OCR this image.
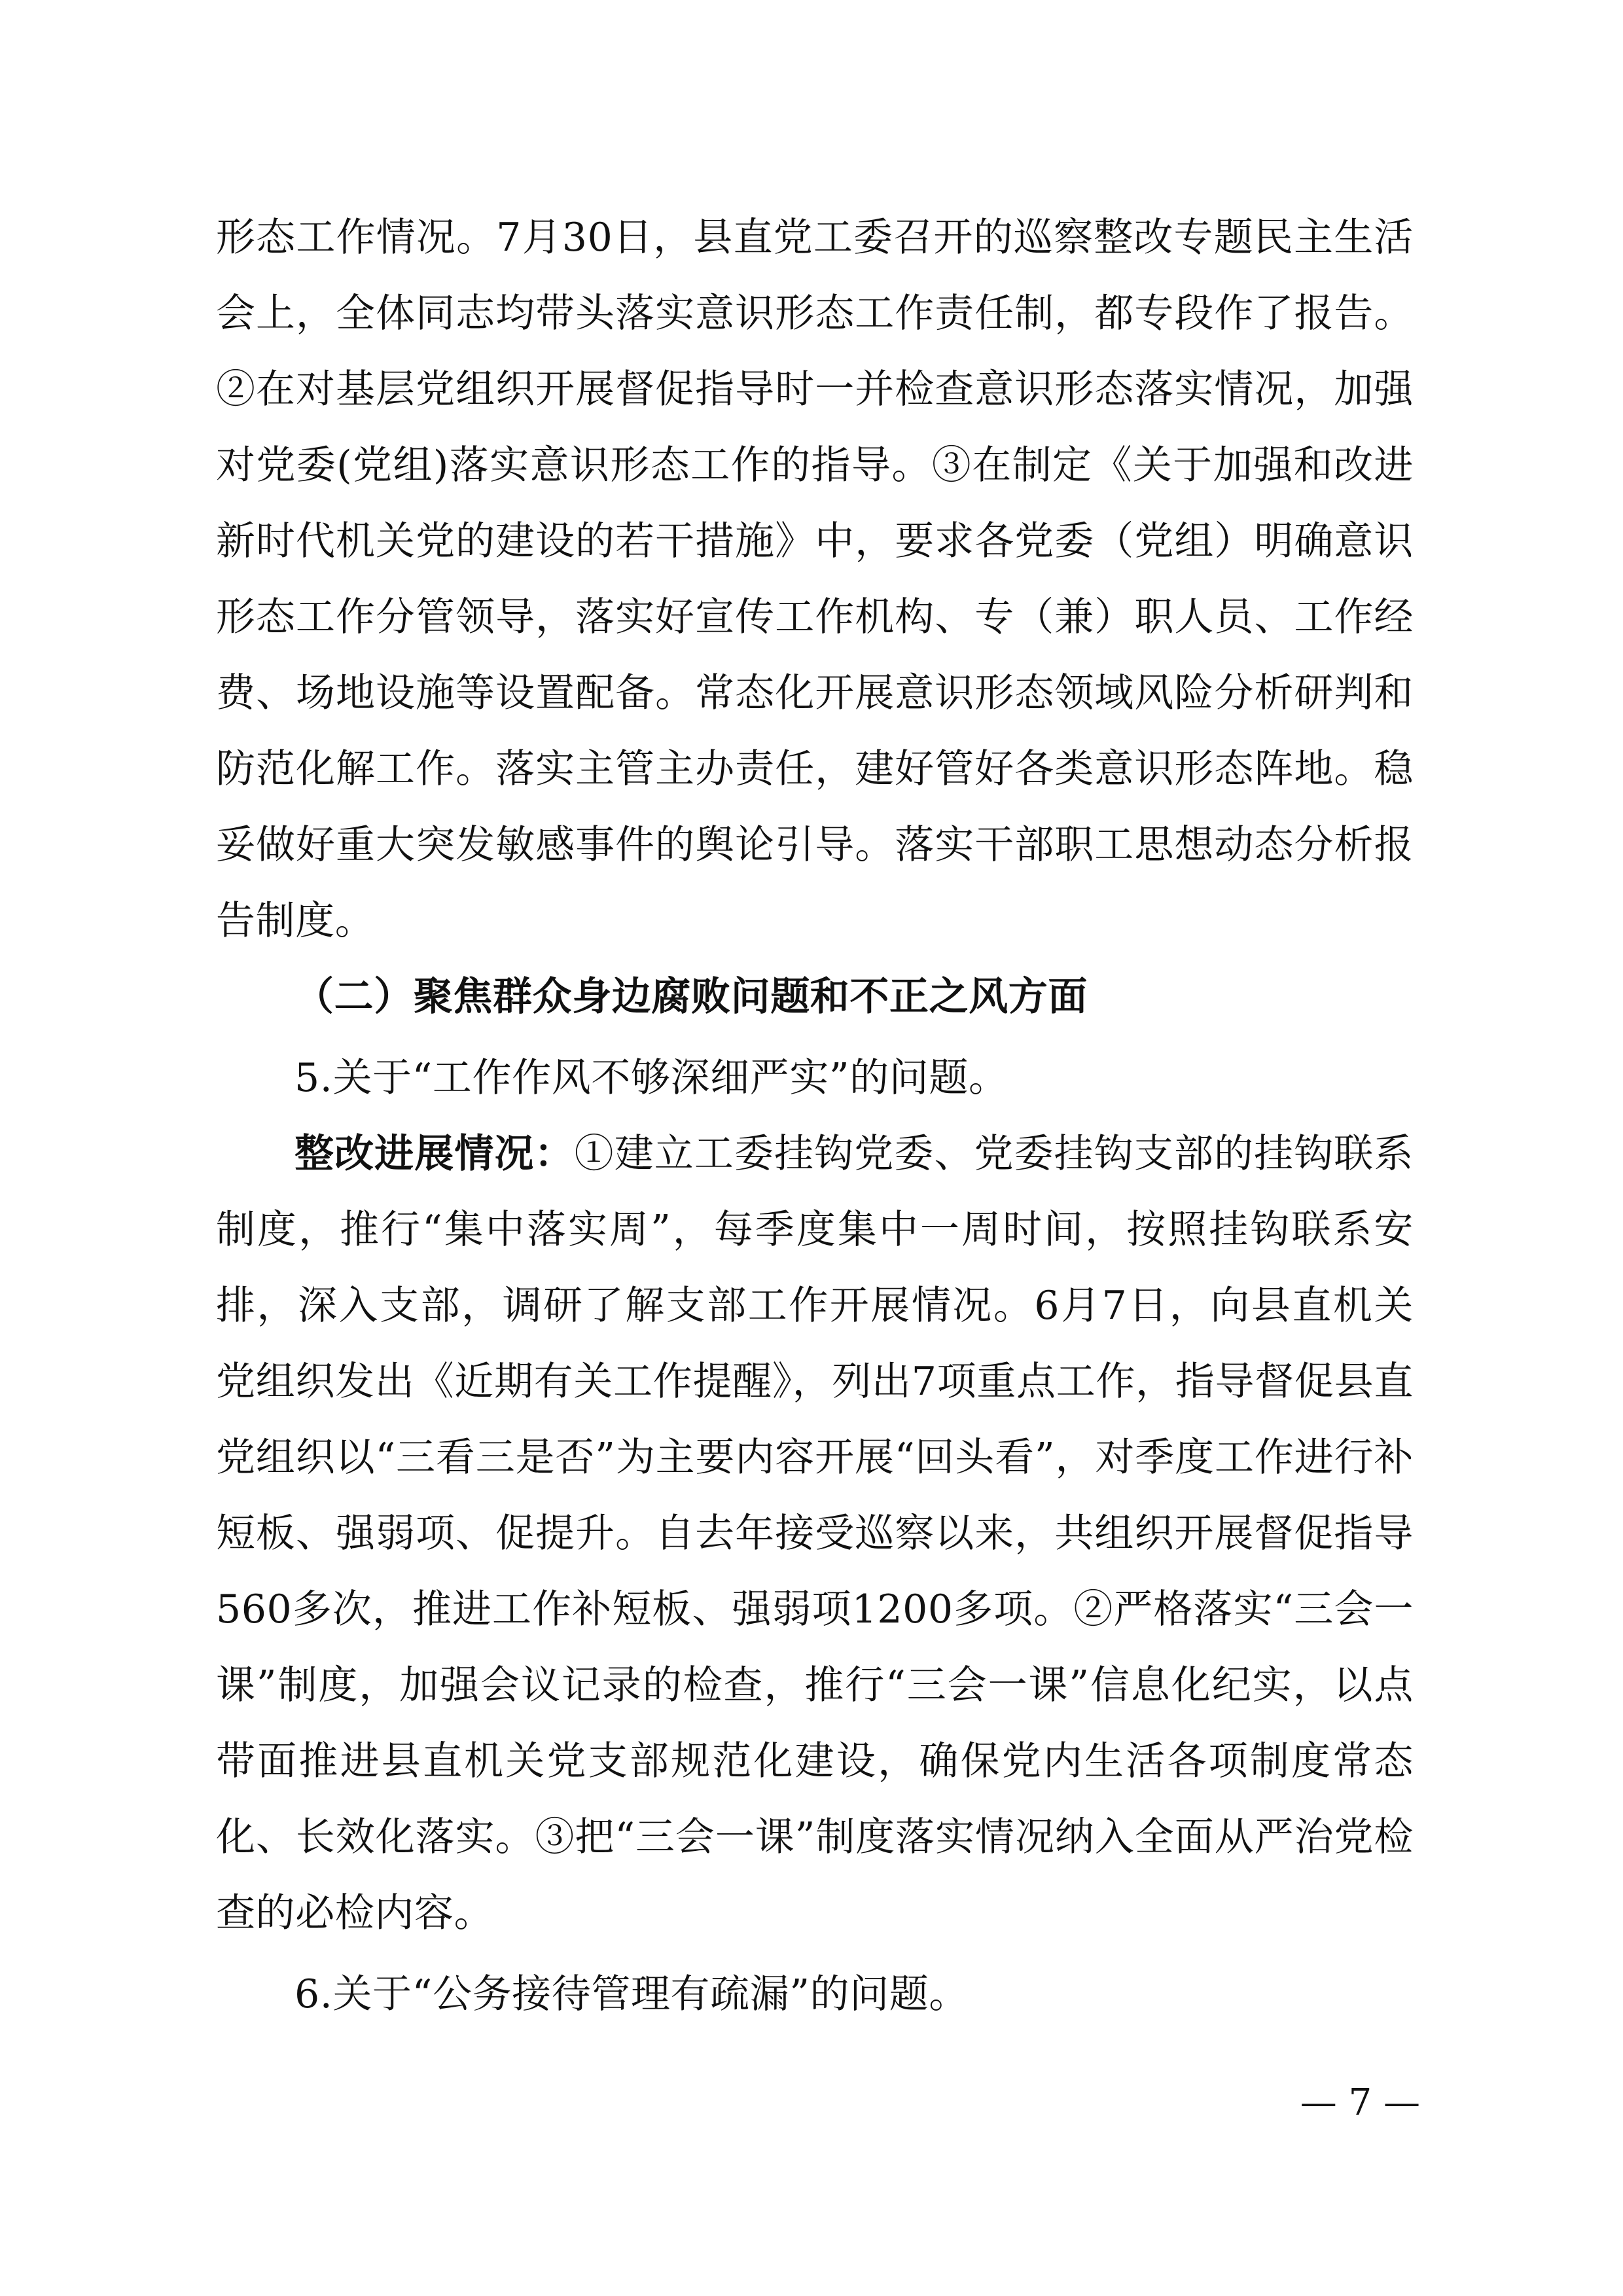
形态工作情况。7月30日，县直党工委召开的巡察整改专题民主生活会上，全体同志均带头落实意识形态工作责任制，都专段作了报告。②在对基层党组织开展督促指导时一并检查意识形态落实情况，加强对党委(党组)落实意识形态工作的指导。③在制定《关于加强和改进新时代机关党的建设的若干措施》中，要求各党委（党组）明确意识形态工作分管领导，落实好宣传工作机构、专（兼）职人员、工作经费、场地设施等设置配备。常态化开展意识形态领域风险分析研判和防范化解工作。落实主管主办责任，建好管好各类意识形态阵地。稳妥做好重大突发敏感事件的舆论引导。落实干部职工思想动态分析报告制度。

（二）聚焦群众身边腐败问题和不正之风方面

5.关于“工作作风不够深细严实”的问题。

整改进展情况：①建立工委挂钩党委、党委挂钩支部的挂钩联系制度，推行“集中落实周”，每季度集中一周时间，按照挂钩联系安排，深入支部，调研了解支部工作开展情况。6月7日，向县直机关党组织发出《近期有关工作提醒》，列出7项重点工作，指导督促县直党组织以“三看三是否”为主要内容开展“回头看”，对季度工作进行补短板、强弱项、促提升。自去年接受巡察以来，共组织开展督促指导560多次，推进工作补短板、强弱项1200多项。②严格落实“三会一课”制度，加强会议记录的检查，推行“三会一课”信息化纪实，以点带面推进县直机关党支部规范化建设，确保党内生活各项制度常态化、长效化落实。③把“三会一课”制度落实情况纳入全面从严治党检查的必检内容。

6.关于“公务接待管理有疏漏”的问题。

— 7 —
